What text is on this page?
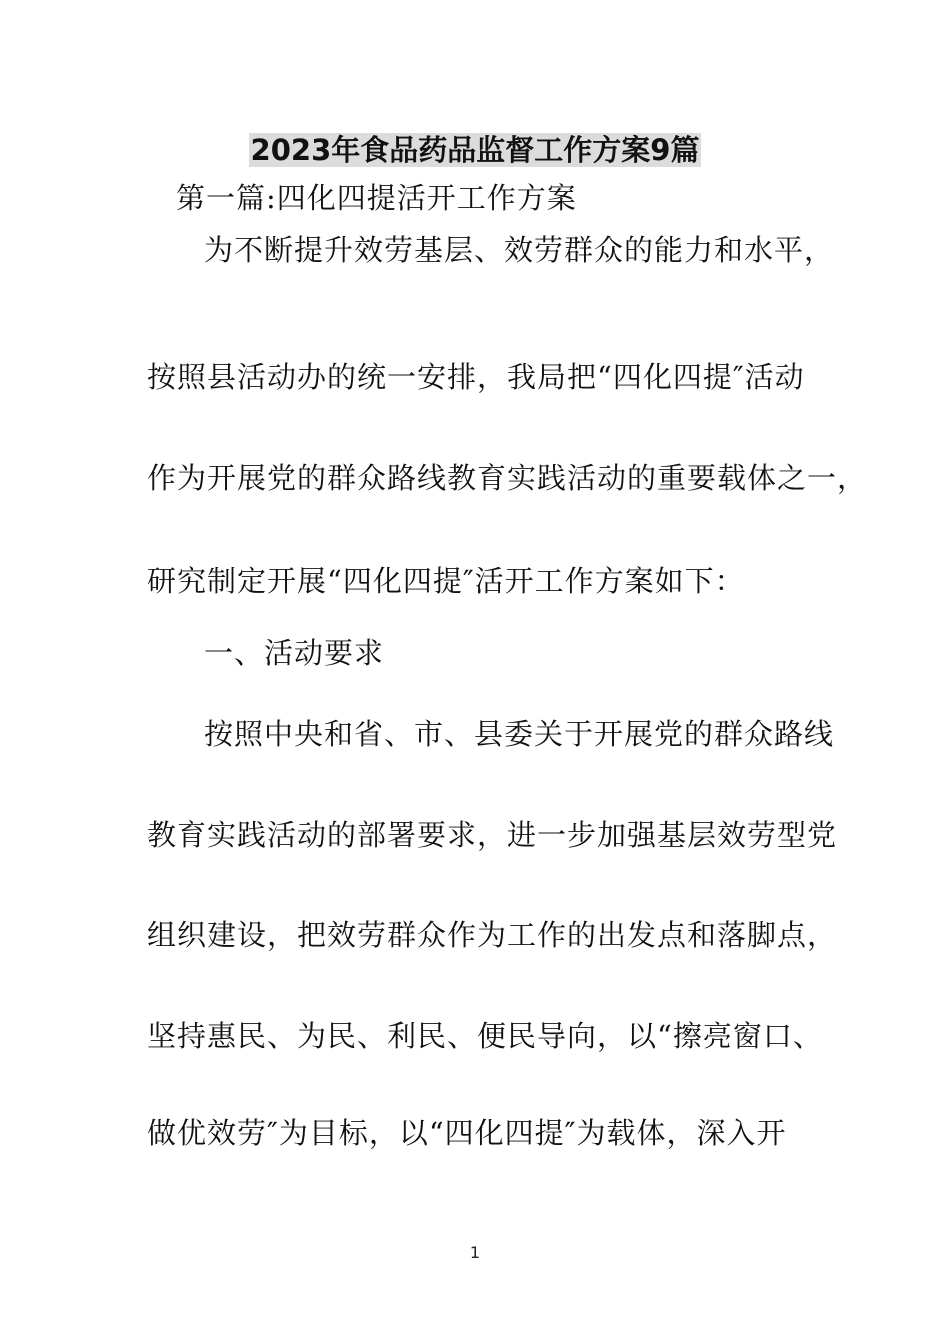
2023年食品药品监督工作方案9篇
第一篇:四化四提活开工作方案
为不断提升效劳基层、效劳群众的能力和水平，
按照县活动办的统一安排，我局把“四化四提″活动
作为开展党的群众路线教育实践活动的重要载体之一，
研究制定开展“四化四提″活开工作方案如下：
一、活动要求
按照中央和省、市、县委关于开展党的群众路线
教育实践活动的部署要求，进一步加强基层效劳型党
组织建设，把效劳群众作为工作的出发点和落脚点，
坚持惠民、为民、利民、便民导向，以“擦亮窗口、
做优效劳″为目标，以“四化四提″为载体，深入开
1
